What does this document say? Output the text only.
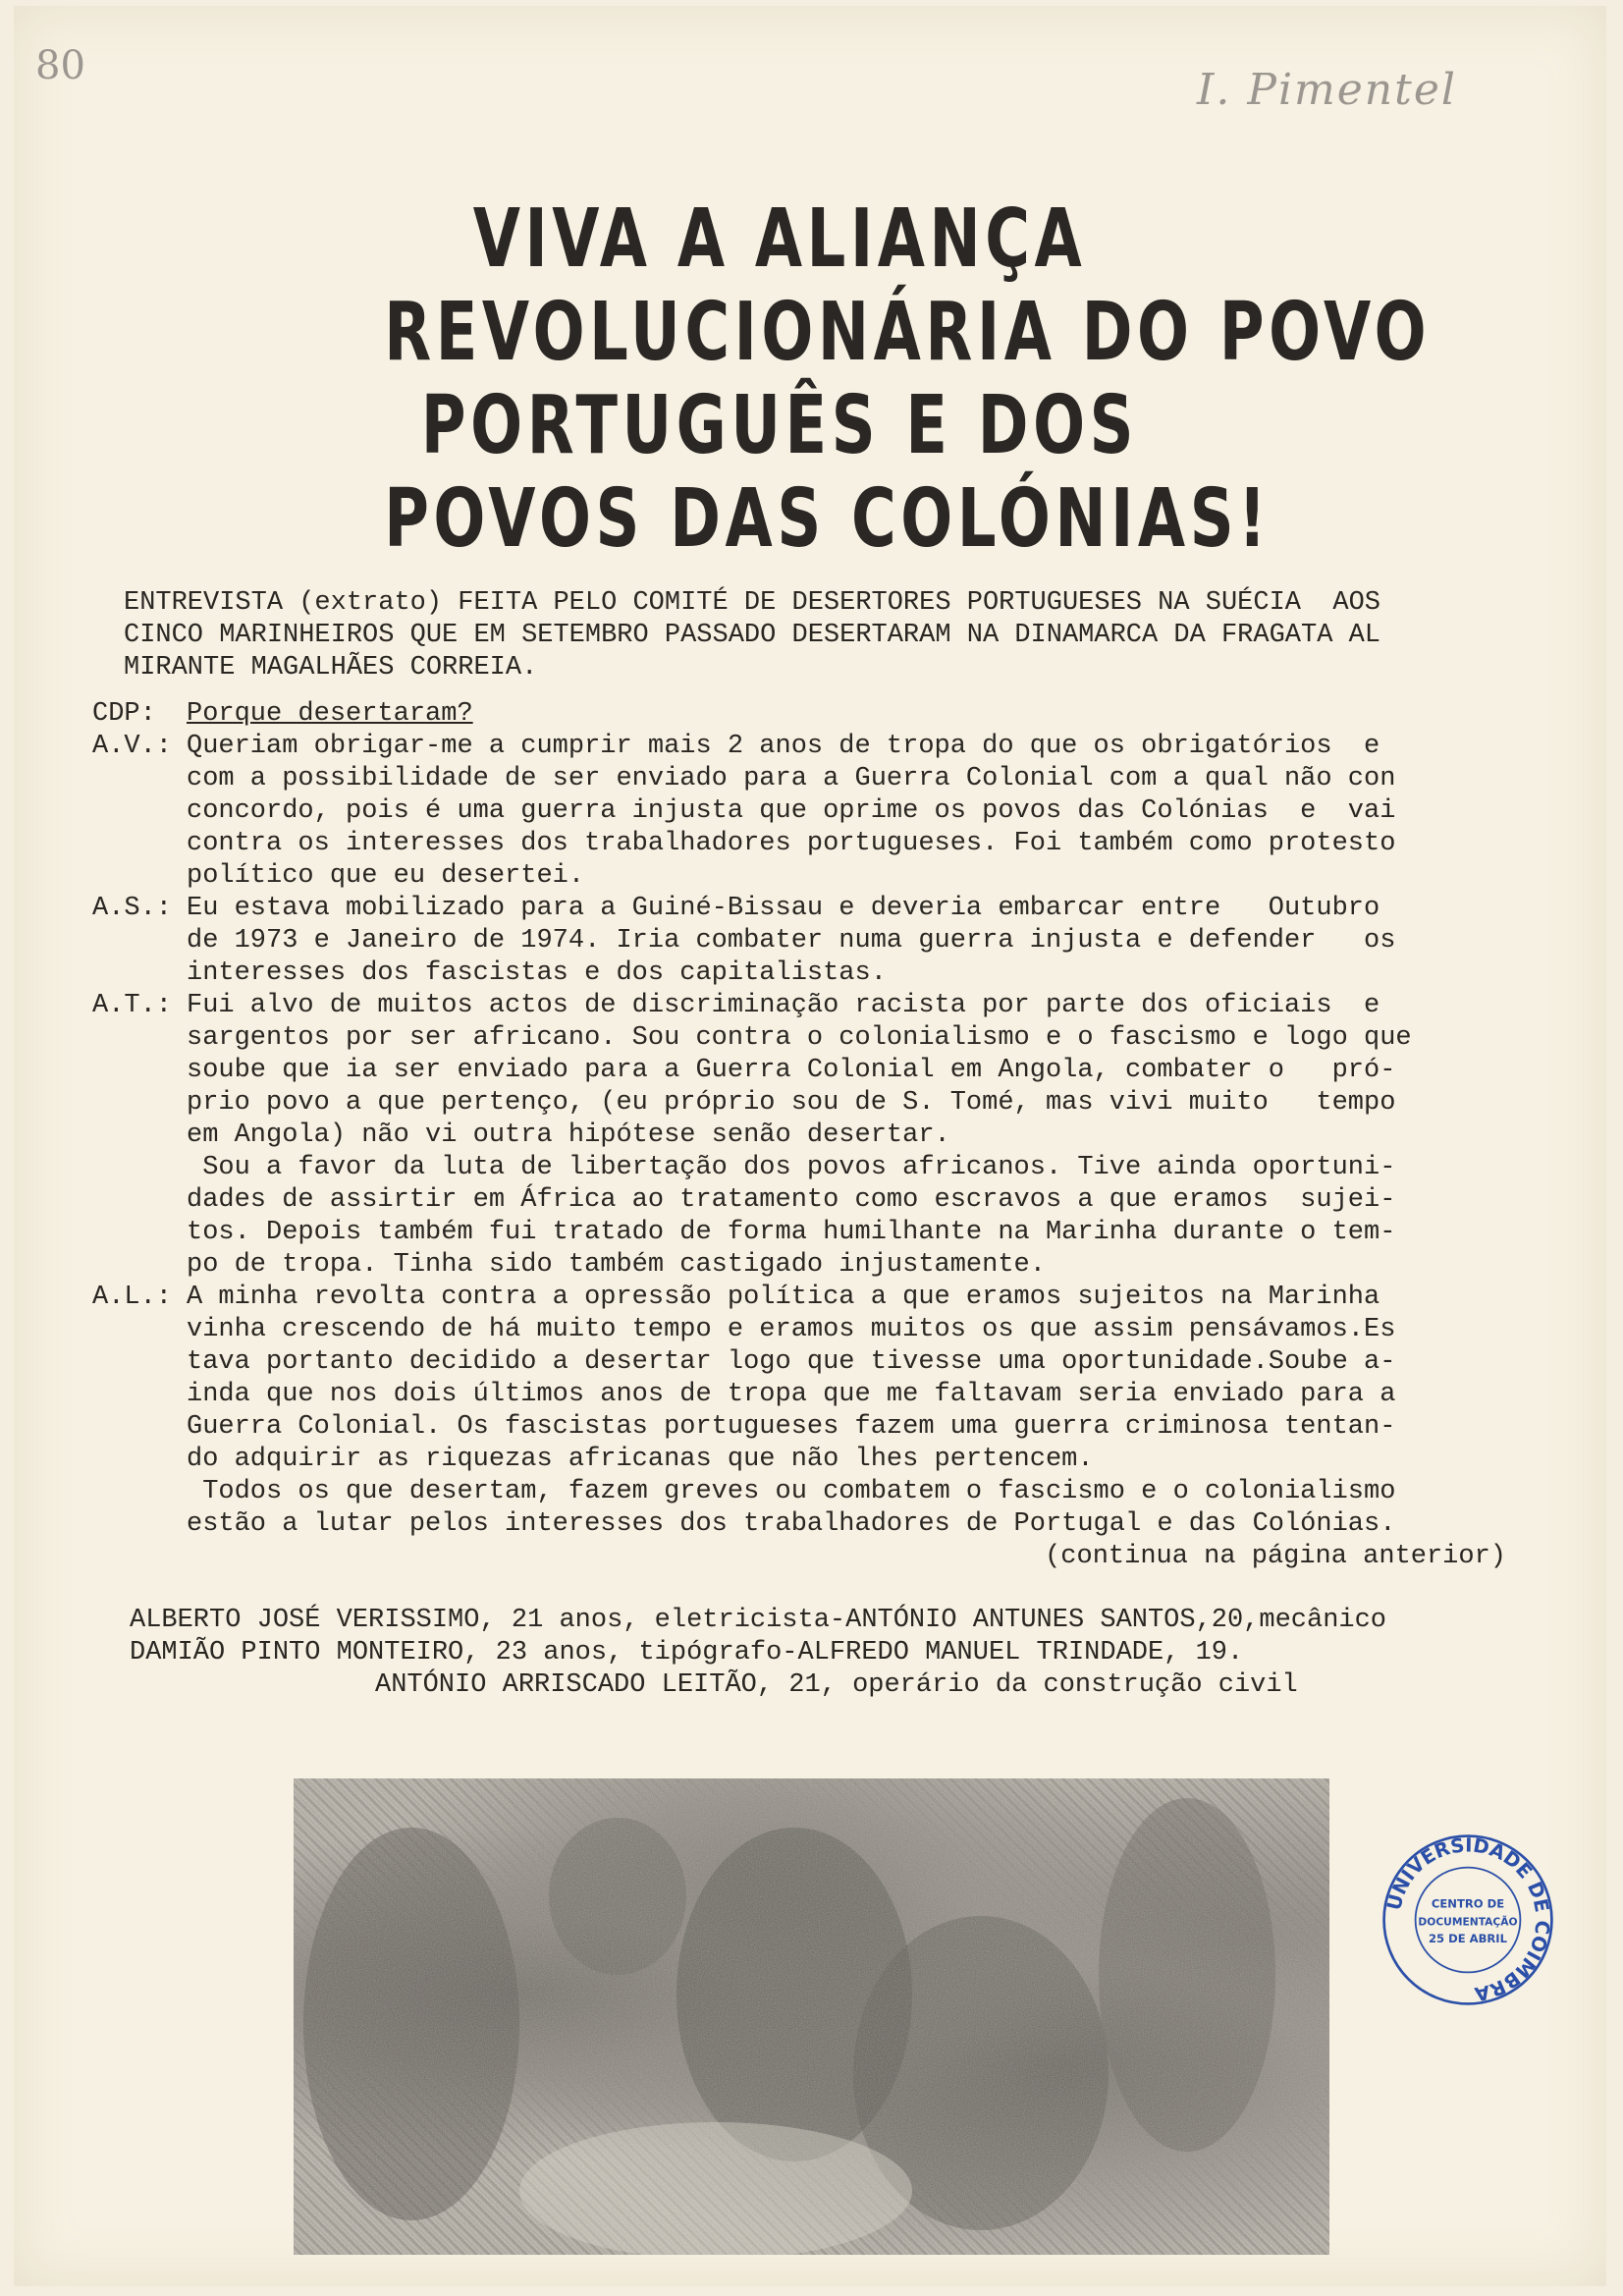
80	I. Pimentel
VIVA A ALIANÇA
REVOLUCIONÁRIA DO POVO
PORTUGUÊS E DOS
POVOS DAS COLÓNIAS!

ENTREVISTA (extrato) FEITA PELO COMITÉ DE DESERTORES PORTUGUESES NA SUÉCIA  AOS

CINCO MARINHEIROS QUE EM SETEMBRO PASSADO DESERTARAM NA DINAMARCA DA FRAGATA AL

MIRANTE MAGALHÃES CORREIA.

CDP:	Porque desertaram?
A.V.: Queriam obrigar-me a cumprir mais 2 anos de tropa do que os obrigatórios  e
com a possibilidade de ser enviado para a Guerra Colonial com a qual não con
concordo, pois é uma guerra injusta que oprime os povos das Colónias  e  vai
contra os interesses dos trabalhadores portugueses. Foi também como protesto
político que eu desertei.
A.S.: Eu estava mobilizado para a Guiné-Bissau e deveria embarcar entre   Outubro
de 1973 e Janeiro de 1974. Iria combater numa guerra injusta e defender   os
interesses dos fascistas e dos capitalistas.
A.T.: Fui alvo de muitos actos de discriminação racista por parte dos oficiais  e
sargentos por ser africano. Sou contra o colonialismo e o fascismo e logo que
soube que ia ser enviado para a Guerra Colonial em Angola, combater o   pró-
prio povo a que pertenço, (eu próprio sou de S. Tomé, mas vivi muito   tempo
em Angola) não vi outra hipótese senão desertar.
Sou a favor da luta de libertação dos povos africanos. Tive ainda oportuni-
dades de assirtir em África ao tratamento como escravos a que eramos  sujei-
tos. Depois também fui tratado de forma humilhante na Marinha durante o tem-
po de tropa. Tinha sido também castigado injustamente.
A.L.: A minha revolta contra a opressão política a que eramos sujeitos na Marinha
vinha crescendo de há muito tempo e eramos muitos os que assim pensávamos.Es
tava portanto decidido a desertar logo que tivesse uma oportunidade.Soube a-
inda que nos dois últimos anos de tropa que me faltavam seria enviado para a
Guerra Colonial. Os fascistas portugueses fazem uma guerra criminosa tentan-
do adquirir as riquezas africanas que não lhes pertencem.
Todos os que desertam, fazem greves ou combatem o fascismo e o colonialismo
estão a lutar pelos interesses dos trabalhadores de Portugal e das Colónias.
(continua na página anterior)
ALBERTO JOSÉ VERISSIMO, 21 anos, eletricista-ANTÓNIO ANTUNES SANTOS,20,mecânico
DAMIÃO PINTO MONTEIRO, 23 anos, tipógrafo-ALFREDO MANUEL TRINDADE, 19.
ANTÓNIO ARRISCADO LEITÃO, 21, operário da construção civil
UNIVERSIDADE DE COIMBRA
CENTRO DE
DOCUMENTAÇÃO
25 DE ABRIL
